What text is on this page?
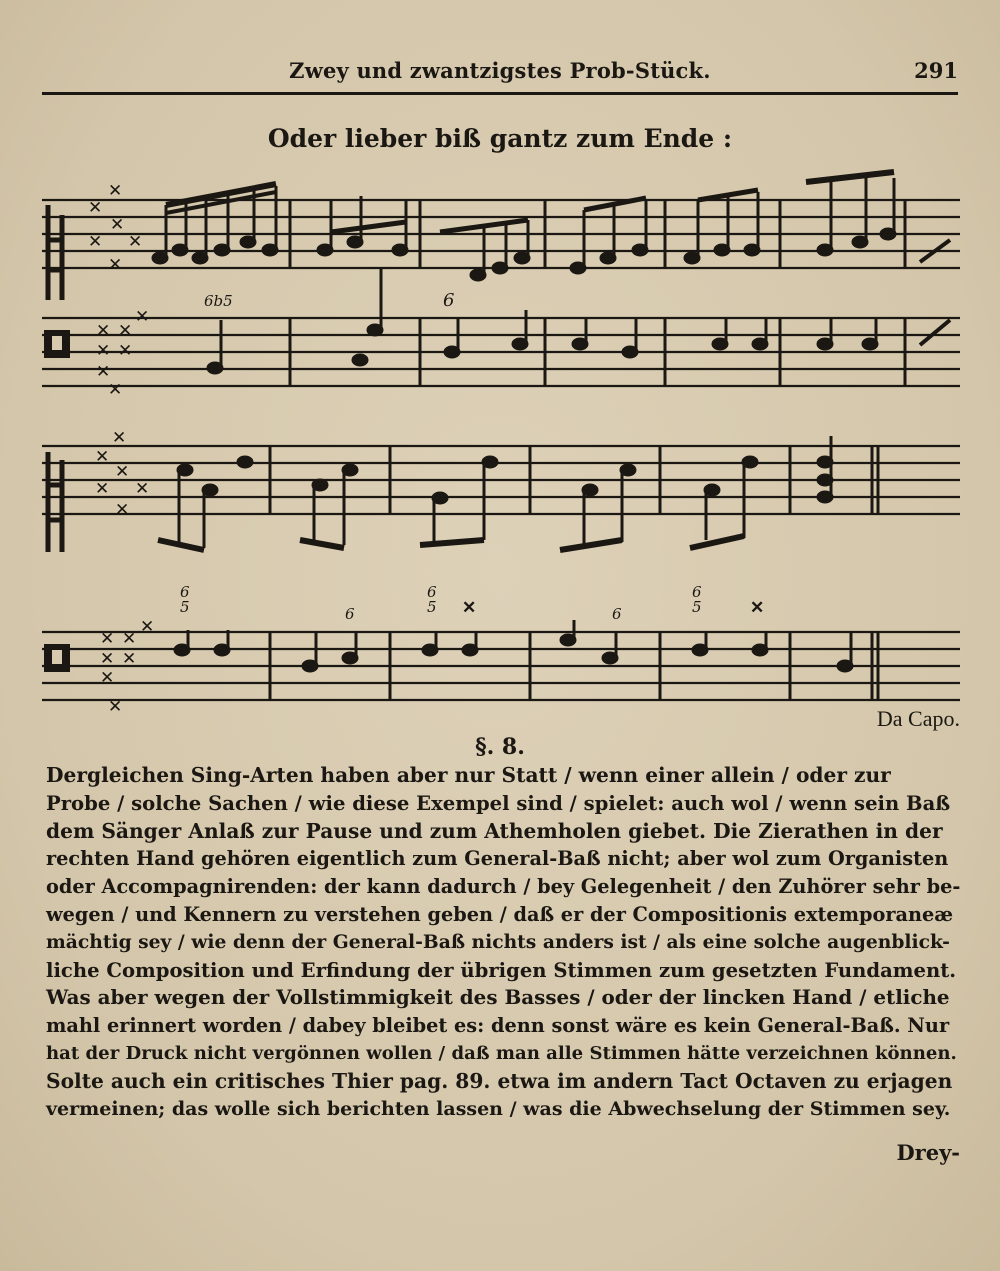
Zwey und zwantzigstes Prob-Stück.	291
Oder lieber biß gantz zum Ende :
✕
✕
✕
✕ ✕
✕
✕
✕ ✕
✕ ✕
✕
✕
✕
✕
✕
✕ ✕
✕
✕
✕ ✕
✕ ✕
✕
✕
6b5	6
6
5	6
6
5 ✕	6
6
5	✕
Da Capo.
§. 8.
Dergleichen Sing-Arten haben aber nur Statt / wenn einer allein / oder zur
Probe / solche Sachen / wie diese Exempel sind / spielet: auch wol / wenn sein Baß
dem Sänger Anlaß zur Pause und zum Athemholen giebet. Die Zierathen in der
rechten Hand gehören eigentlich zum General-Baß nicht; aber wol zum Organisten
oder Accompagnirenden: der kann dadurch / bey Gelegenheit / den Zuhörer sehr be-
wegen / und Kennern zu verstehen geben / daß er der Compositionis extemporaneæ
mächtig sey / wie denn der General-Baß nichts anders ist / als eine solche augenblick-
liche Composition und Erfindung der übrigen Stimmen zum gesetzten Fundament.
Was aber wegen der Vollstimmigkeit des Basses / oder der lincken Hand / etliche
mahl erinnert worden / dabey bleibet es: denn sonst wäre es kein General-Baß. Nur
hat der Druck nicht vergönnen wollen / daß man alle Stimmen hätte verzeichnen können.
Solte auch ein critisches Thier pag. 89. etwa im andern Tact Octaven zu erjagen
vermeinen; das wolle sich berichten lassen / was die Abwechselung der Stimmen sey.
Drey-
